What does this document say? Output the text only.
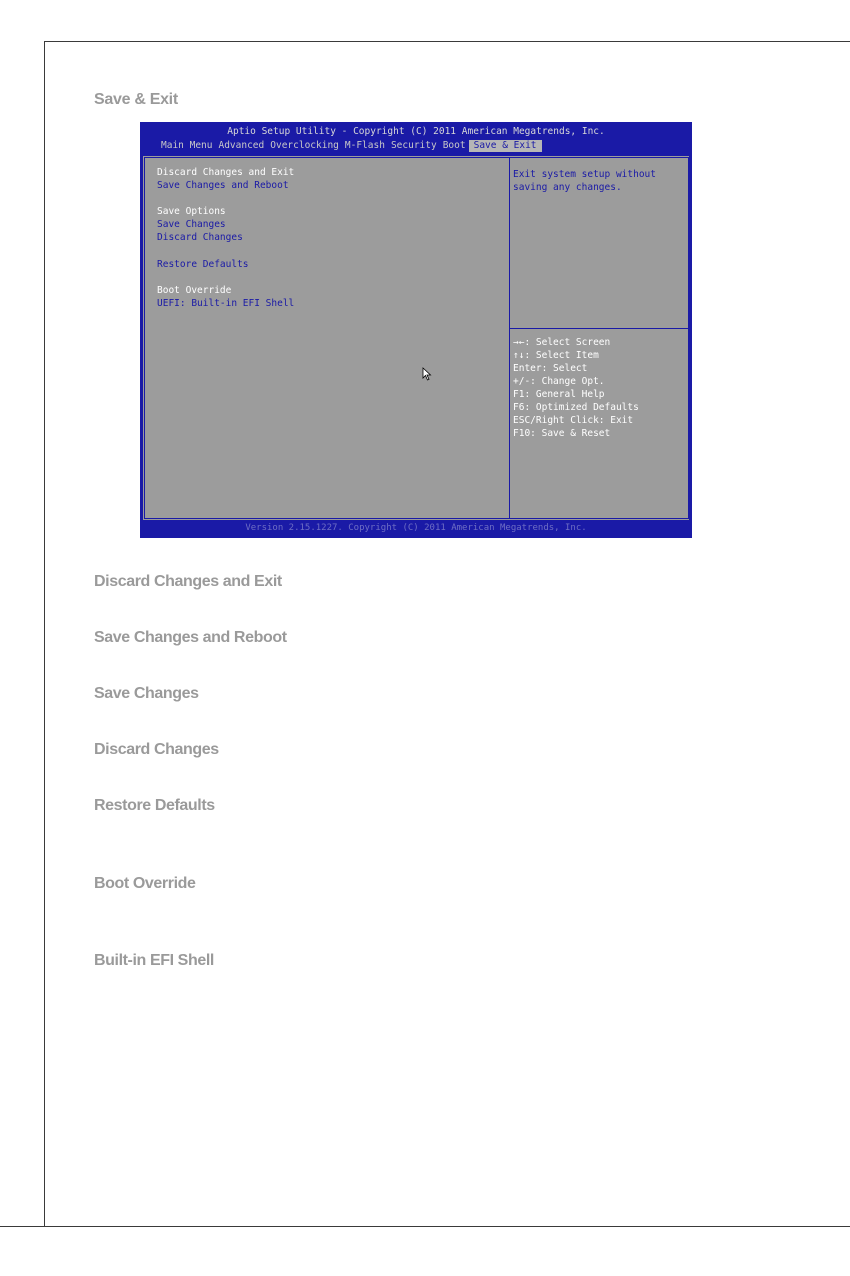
Save & Exit
Aptio Setup Utility - Copyright (C) 2011 American Megatrends, Inc.
Main Menu Advanced Overclocking M-Flash Security Boot Save & Exit
Discard Changes and Exit
Save Changes and Reboot
Save Options
Save Changes
Discard Changes
Restore Defaults
Boot Override
UEFI: Built-in EFI Shell
Exit system setup without
saving any changes.
→←: Select Screen
↑↓: Select Item
Enter: Select
+/-: Change Opt.
F1: General Help
F6: Optimized Defaults
ESC/Right Click: Exit
F10: Save & Reset
Version 2.15.1227. Copyright (C) 2011 American Megatrends, Inc.
Discard Changes and Exit
Save Changes and Reboot
Save Changes
Discard Changes
Restore Defaults
Boot Override
Built-in EFI Shell
